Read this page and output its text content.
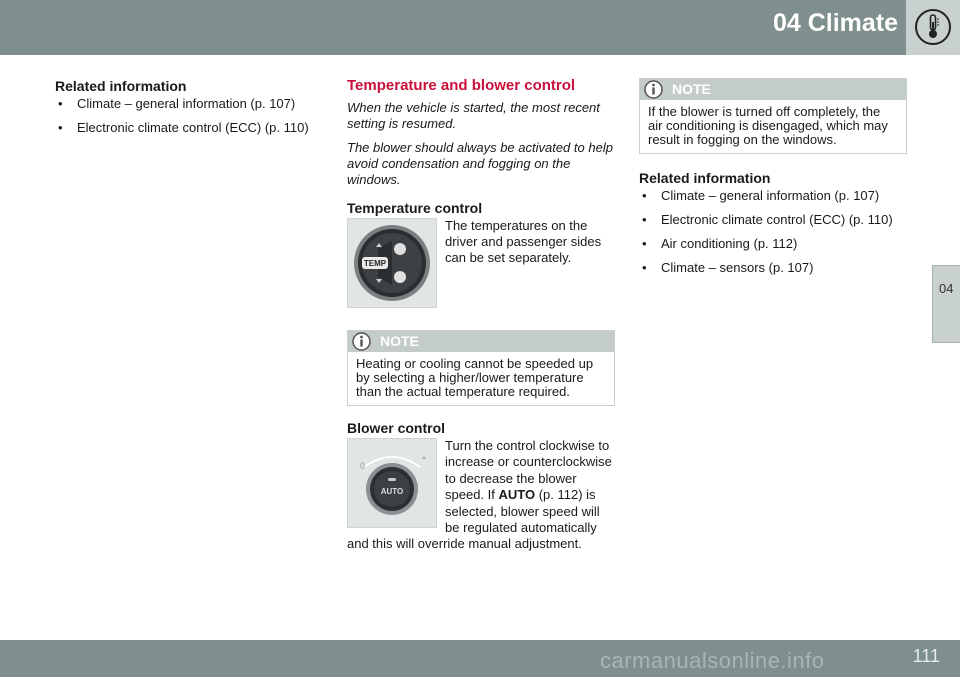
04 Climate
04
Related information
• Climate – general information (p. 107)
• Electronic climate control (ECC) (p. 110)
Temperature and blower control

When the vehicle is started, the most recent setting is resumed.

The blower should always be activated to help avoid condensation and fogging on the windows.

Temperature control
TEMP

The temperatures on the driver and passenger sides can be set separately.

NOTE
Heating or cooling cannot be speeded up by selecting a higher/lower temperature than the actual temperature required.
Blower control
0
AUTO

Turn the control clockwise to increase or counterclockwise to decrease the blower speed. If AUTO (p. 112) is selected, blower speed will be regulated automatically and this will override manual adjustment.

NOTE
If the blower is turned off completely, the air conditioning is disengaged, which may result in fogging on the windows.
Related information
• Climate – general information (p. 107)
• Electronic climate control (ECC) (p. 110)
• Air conditioning (p. 112)
• Climate – sensors (p. 107)
111
carmanualsonline.info
